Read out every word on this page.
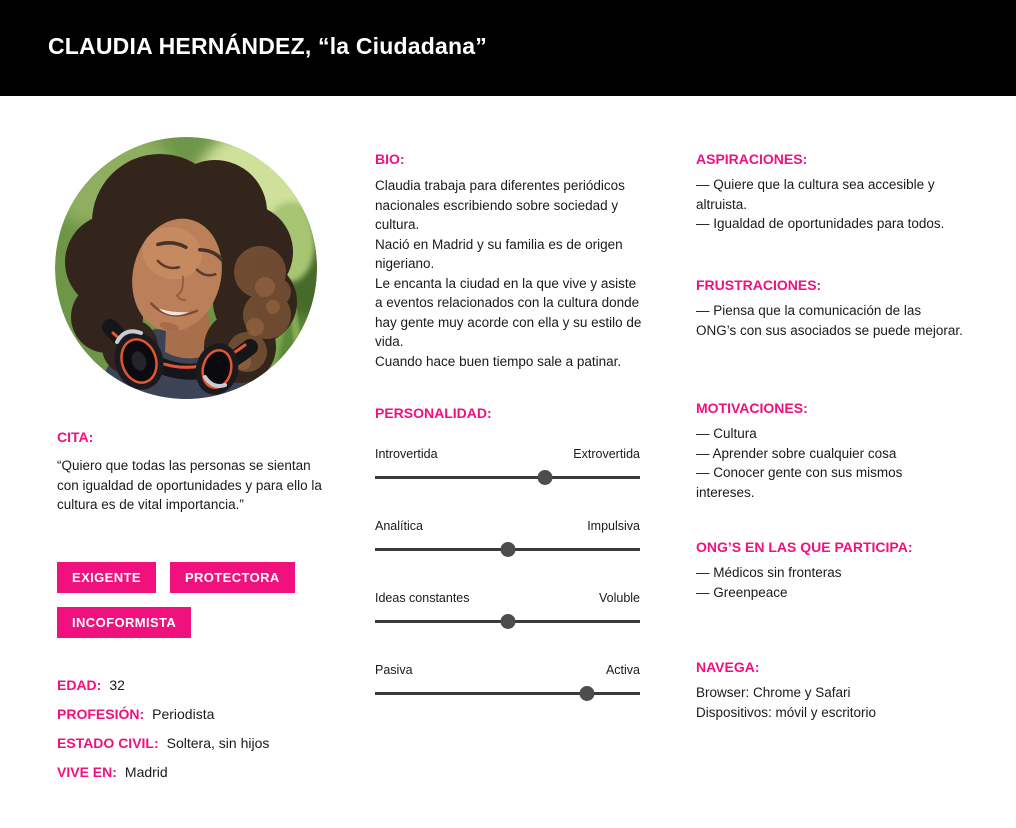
CLAUDIA HERNÁNDEZ, “la Ciudadana”
CITA:
“Quiero que todas las personas se sientan con igualdad de oportunidades y para ello la cultura es de vital importancia.”
EXIGENTE	PROTECTORAINCOFORMISTA
EDAD: 32
PROFESIÓN: Periodista
ESTADO CIVIL: Soltera, sin hijos
VIVE EN: Madrid
BIO:
Claudia trabaja para diferentes periódicos nacionales escribiendo sobre sociedad y cultura.
Nació en Madrid y su familia es de origen nigeriano.
Le encanta la ciudad en la que vive y asiste a eventos relacionados con la cultura donde hay gente muy acorde con ella y su estilo de vida.
Cuando hace buen tiempo sale a patinar.
PERSONALIDAD:
Introvertida	Extrovertida
Analítica	Impulsiva
Ideas constantes	Voluble
Pasiva	Activa
ASPIRACIONES:
— Quiere que la cultura sea accesible y altruista.
— Igualdad de oportunidades para todos.
FRUSTRACIONES:
— Piensa que la comunicación de las ONG’s con sus asociados se puede mejorar.
MOTIVACIONES:
— Cultura
— Aprender sobre cualquier cosa
— Conocer gente con sus mismos intereses.
ONG’S EN LAS QUE PARTICIPA:
— Médicos sin fronteras
— Greenpeace
NAVEGA:
Browser: Chrome y Safari
Dispositivos: móvil y escritorio
